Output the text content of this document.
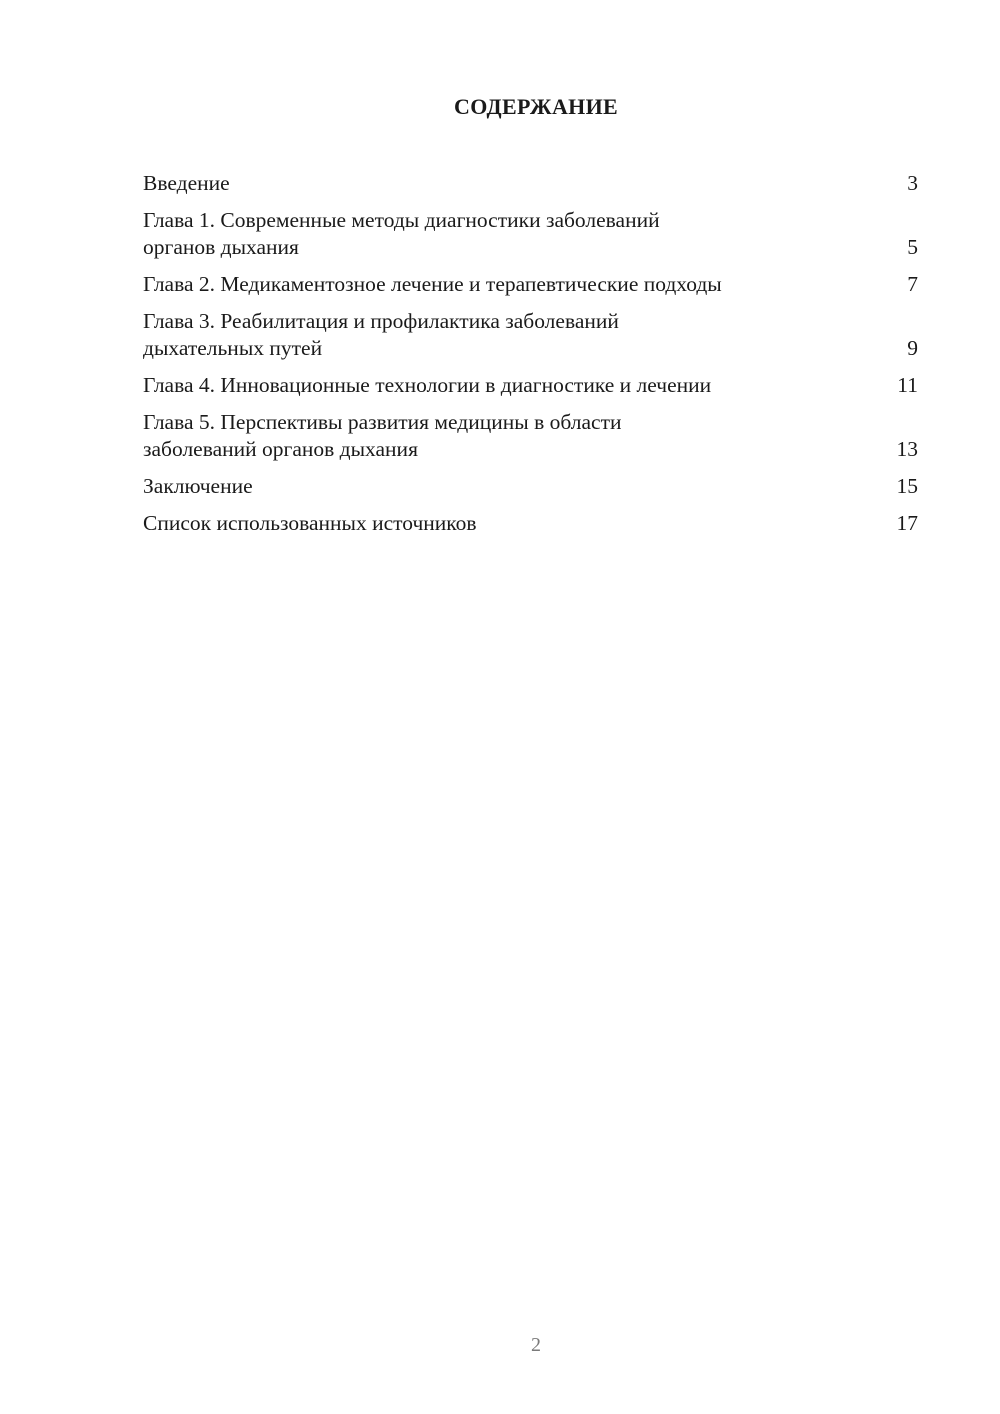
СОДЕРЖАНИЕ
Введение	3
Глава 1. Современные методы диагностики заболеваний
органов дыхания	5
Глава 2. Медикаментозное лечение и терапевтические подходы	7
Глава 3. Реабилитация и профилактика заболеваний
дыхательных путей	9
Глава 4. Инновационные технологии в диагностике и лечении	11
Глава 5. Перспективы развития медицины в области
заболеваний органов дыхания	13
Заключение	15
Список использованных источников	17
2
